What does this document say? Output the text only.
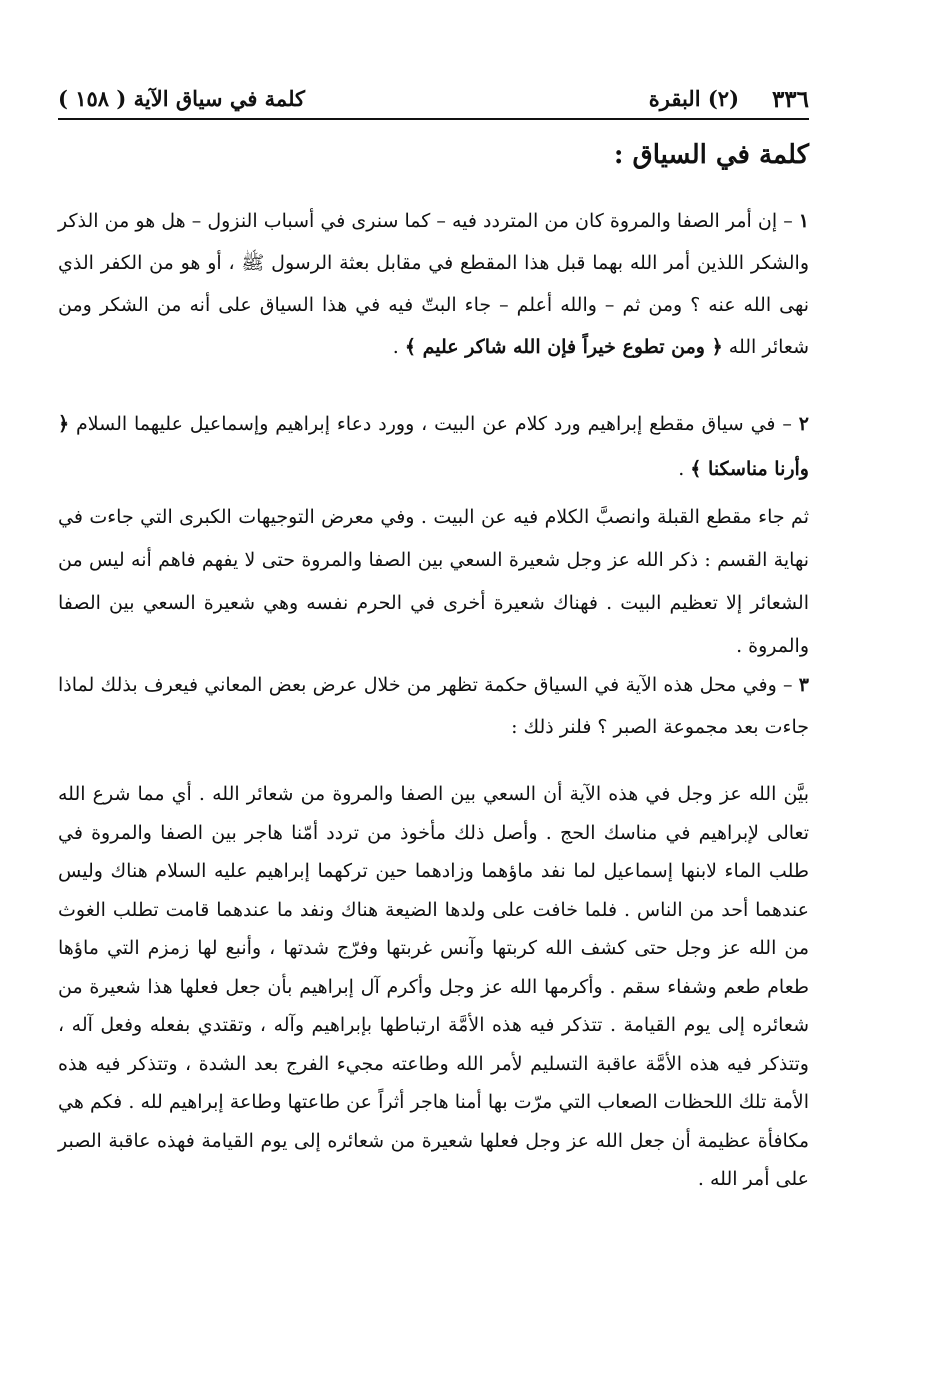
٣٣٦
(٢) البقرة
كلمة في سياق الآية ( ١٥٨ )
كلمة في السياق :

١ – إن أمر الصفا والمروة كان من المتردد فيه – كما سنرى في أسباب النزول – هل هو من الذكر والشكر اللذين أمر الله بهما قبل هذا المقطع في مقابل بعثة الرسول ﷺ ، أو هو من الكفر الذي نهى الله عنه ؟ ومن ثم – والله أعلم – جاء البتّ فيه في هذا السياق على أنه من الشكر ومن شعائر الله ﴿ ومن تطوع خيراً فإن الله شاكر عليم ﴾ .

٢ – في سياق مقطع إبراهيم ورد كلام عن البيت ، وورد دعاء إبراهيم وإسماعيل عليهما السلام ﴿ وأرنا مناسكنا ﴾ .

ثم جاء مقطع القبلة وانصبَّ الكلام فيه عن البيت . وفي معرض التوجيهات الكبرى التي جاءت في نهاية القسم : ذكر الله عز وجل شعيرة السعي بين الصفا والمروة حتى لا يفهم فاهم أنه ليس من الشعائر إلا تعظيم البيت . فهناك شعيرة أخرى في الحرم نفسه وهي شعيرة السعي بين الصفا والمروة .

٣ – وفي محل هذه الآية في السياق حكمة تظهر من خلال عرض بعض المعاني فيعرف بذلك لماذا جاءت بعد مجموعة الصبر ؟ فلنر ذلك :

بيَّن الله عز وجل في هذه الآية أن السعي بين الصفا والمروة من شعائر الله . أي مما شرع الله تعالى لإبراهيم في مناسك الحج . وأصل ذلك مأخوذ من تردد أمّنا هاجر بين الصفا والمروة في طلب الماء لابنها إسماعيل لما نفد ماؤهما وزادهما حين تركهما إبراهيم عليه السلام هناك وليس عندهما أحد من الناس . فلما خافت على ولدها الضيعة هناك ونفد ما عندهما قامت تطلب الغوث من الله عز وجل حتى كشف الله كربتها وآنس غربتها وفرّج شدتها ، وأنبع لها زمزم التي ماؤها طعام طعم وشفاء سقم . وأكرمها الله عز وجل وأكرم آل إبراهيم بأن جعل فعلها هذا شعيرة من شعائره إلى يوم القيامة . تتذكر فيه هذه الأمَّة ارتباطها بإبراهيم وآله ، وتقتدي بفعله وفعل آله ، وتتذكر فيه هذه الأمَّة عاقبة التسليم لأمر الله وطاعته مجيء الفرج بعد الشدة ، وتتذكر فيه هذه الأمة تلك اللحظات الصعاب التي مرّت بها أمنا هاجر أثراً عن طاعتها وطاعة إبراهيم لله . فكم هي مكافأة عظيمة أن جعل الله عز وجل فعلها شعيرة من شعائره إلى يوم القيامة فهذه عاقبة الصبر على أمر الله .
